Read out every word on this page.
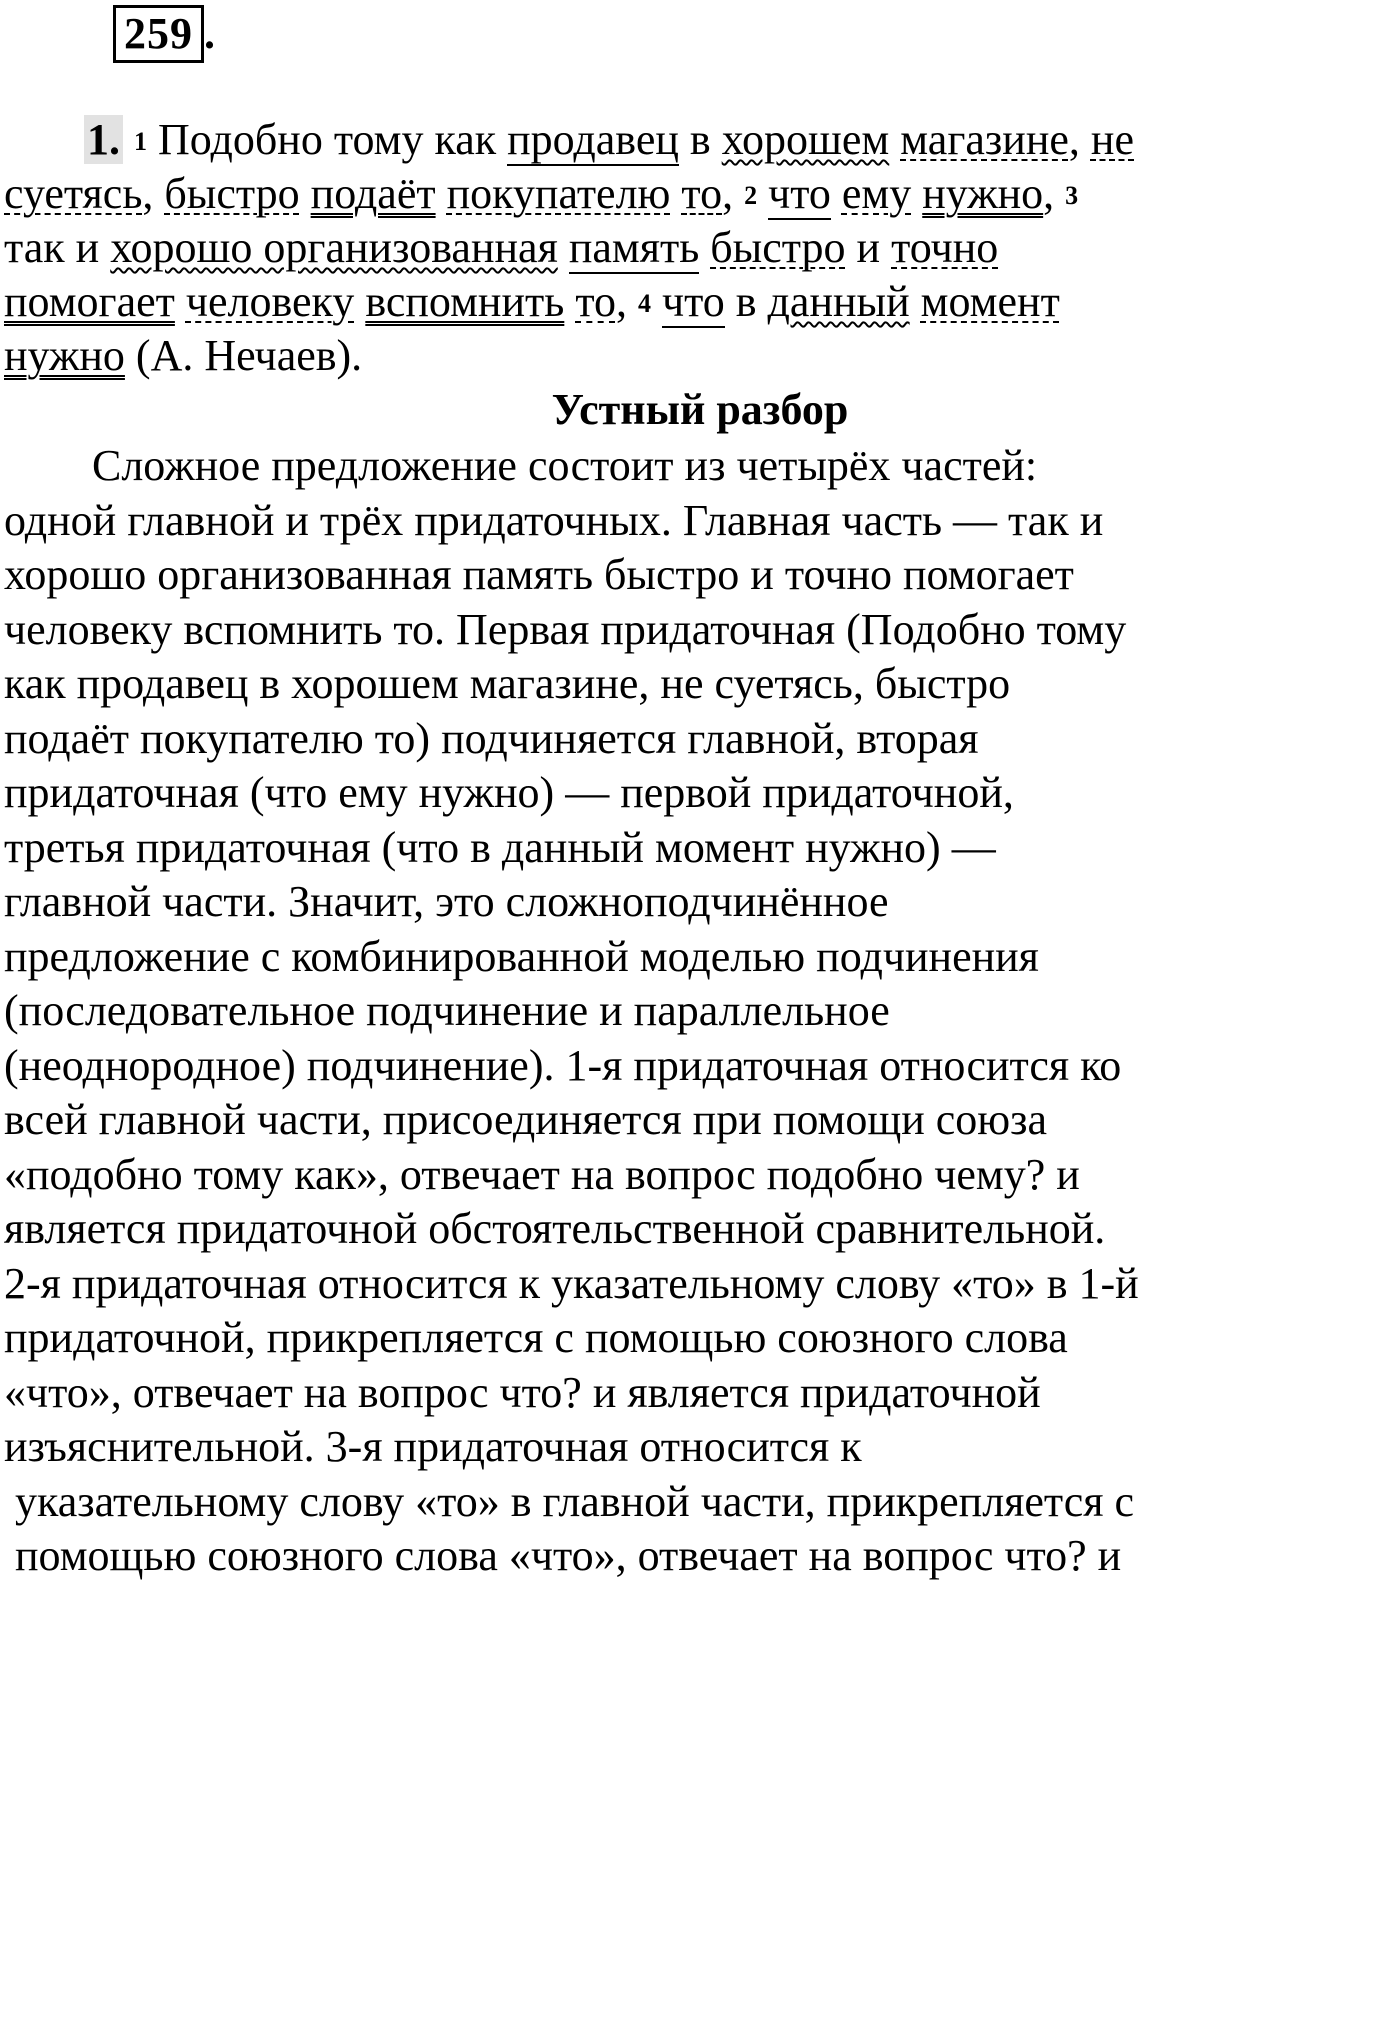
259 .
1. 1 Подобно тому как продавец в хорошем магазине, не
суетясь, быстро подаёт покупателю то, 2 что ему нужно, 3
так и хорошо организованная память быстро и точно
помогает человеку вспомнить то, 4 что в данный момент
нужно (А. Нечаев).
Устный разбор
Сложное предложение состоит из четырёх частей:
одной главной и трёх придаточных. Главная часть — так и
хорошо организованная память быстро и точно помогает
человеку вспомнить то. Первая придаточная (Подобно тому
как продавец в хорошем магазине, не суетясь, быстро
подаёт покупателю то) подчиняется главной, вторая
придаточная (что ему нужно) — первой придаточной,
третья придаточная (что в данный момент нужно) —
главной части. Значит, это сложноподчинённое
предложение с комбинированной моделью подчинения
(последовательное подчинение и параллельное
(неоднородное) подчинение). 1-я придаточная относится ко
всей главной части, присоединяется при помощи союза
«подобно тому как», отвечает на вопрос подобно чему? и
является придаточной обстоятельственной сравнительной.
2-я придаточная относится к указательному слову «то» в 1-й
придаточной, прикрепляется с помощью союзного слова
«что», отвечает на вопрос что? и является придаточной
изъяснительной. 3-я придаточная относится к
указательному слову «то» в главной части, прикрепляется с
помощью союзного слова «что», отвечает на вопрос что? и
